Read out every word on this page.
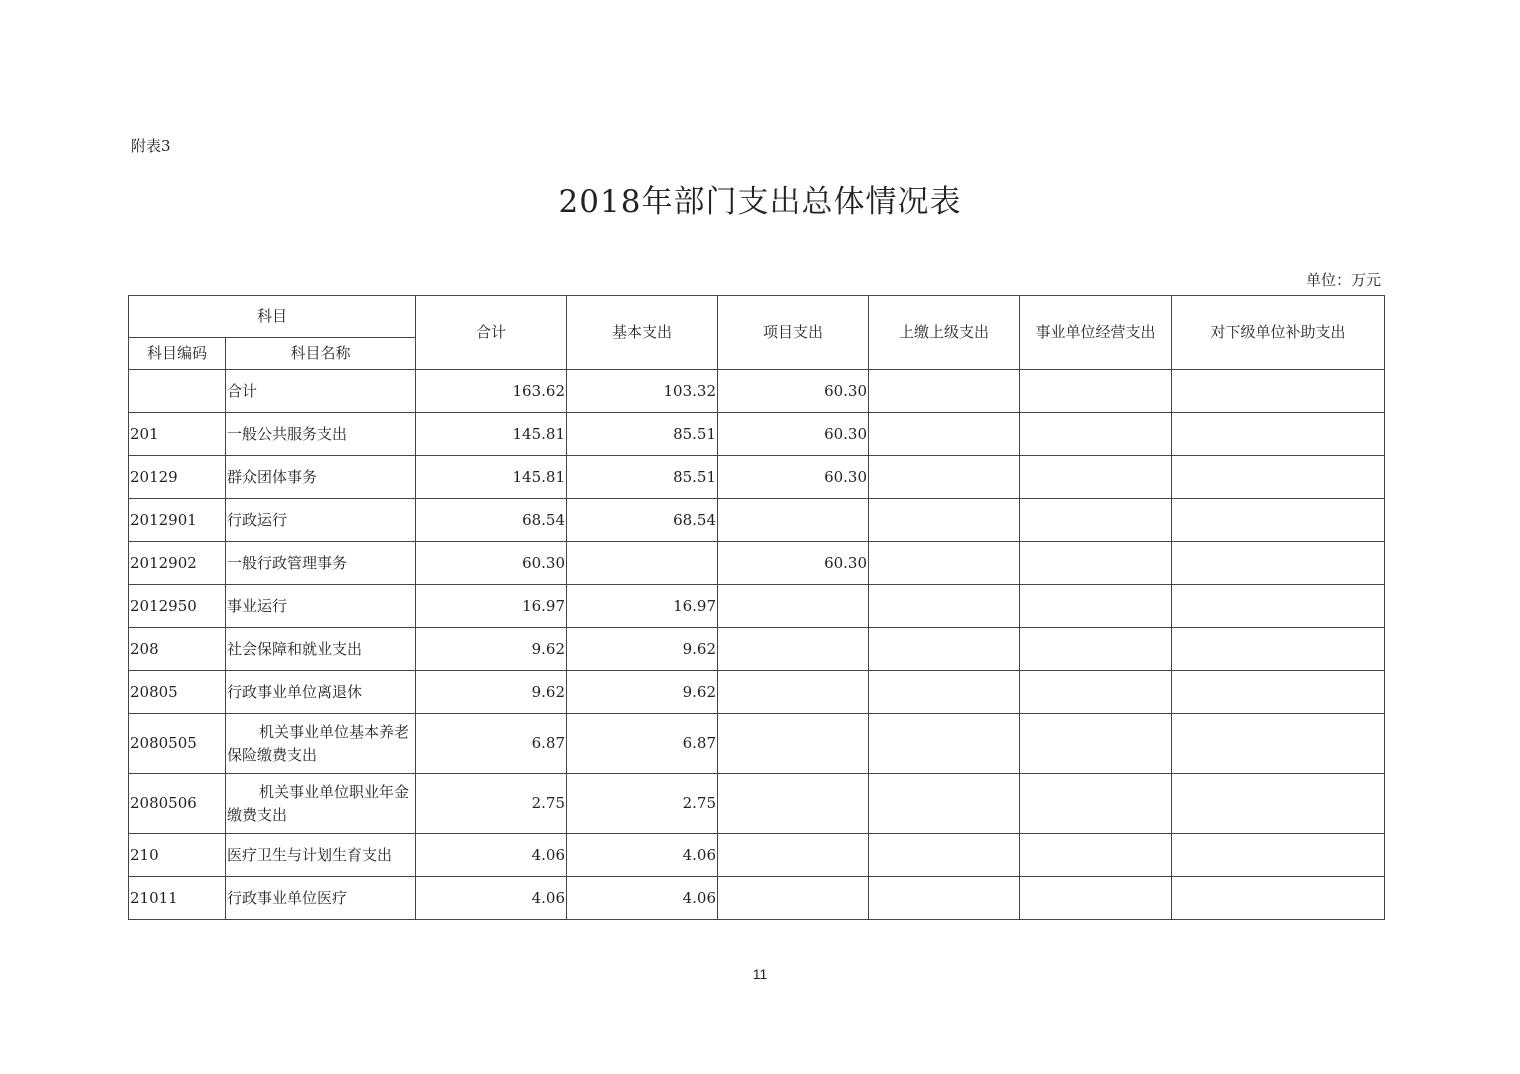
附表3
2018年部门支出总体情况表
单位：万元
科目		合计	基本支出	项目支出	上缴上级支出	事业单位经营支出	对下级单位补助支出
科目编码	科目名称						
	合计	163.62	103.32	60.30			
201	一般公共服务支出	145.81	85.51	60.30			
20129	群众团体事务	145.81	85.51	60.30			
2012901	行政运行	68.54	68.54				
2012902	一般行政管理事务	60.30		60.30			
2012950	事业运行	16.97	16.97				
208	社会保障和就业支出	9.62	9.62				
20805	行政事业单位离退休	9.62	9.62				
2080505	机关事业单位基本养老保险缴费支出	6.87	6.87				
2080506	机关事业单位职业年金缴费支出	2.75	2.75				
210	医疗卫生与计划生育支出	4.06	4.06				
21011	行政事业单位医疗	4.06	4.06				
11
